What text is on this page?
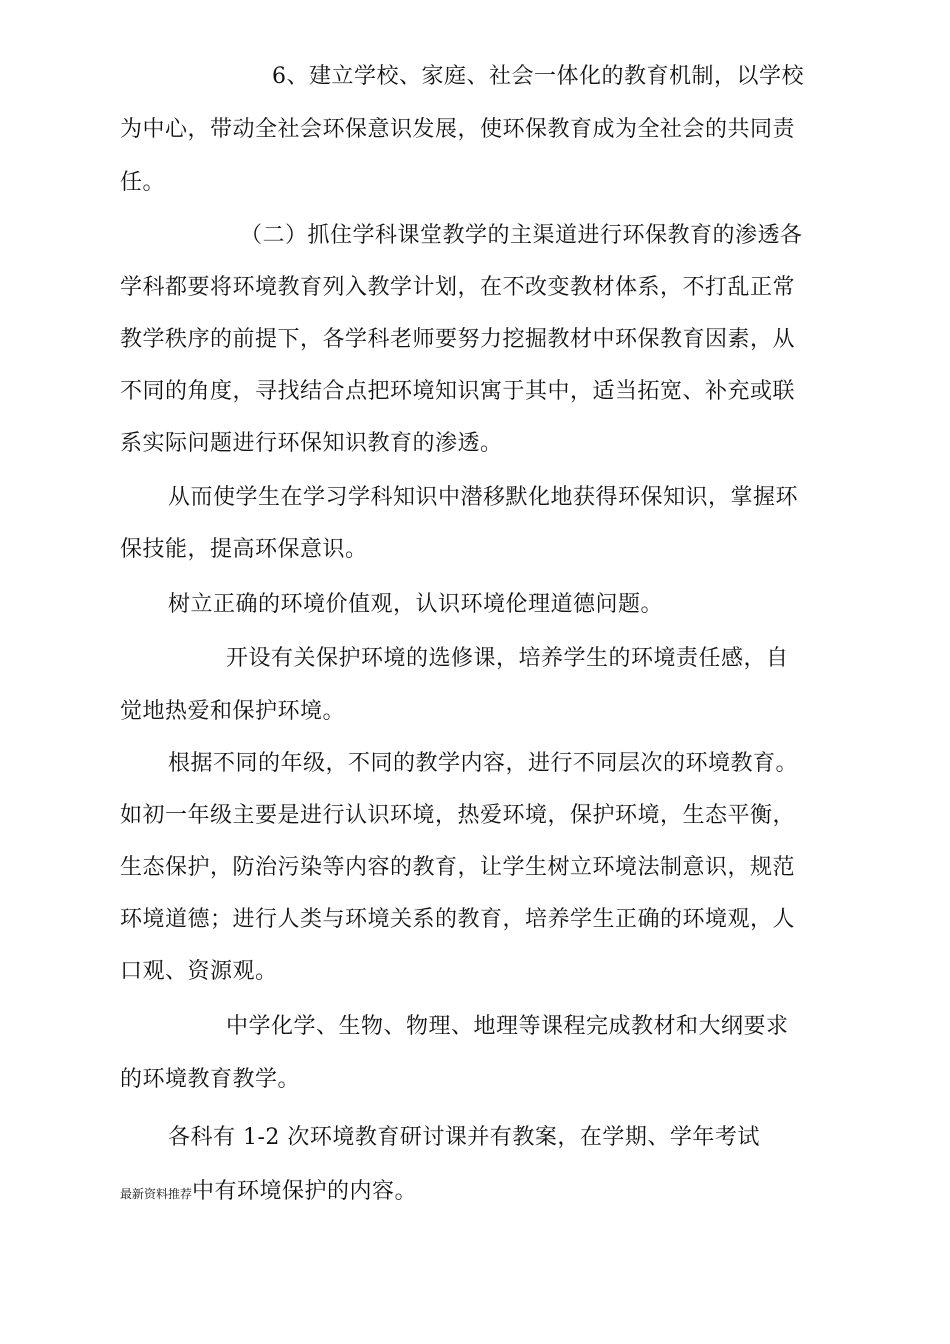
6、建立学校、家庭、社会一体化的教育机制，以学校
为中心，带动全社会环保意识发展，使环保教育成为全社会的共同责
任。
（二）抓住学科课堂教学的主渠道进行环保教育的渗透各
学科都要将环境教育列入教学计划，在不改变教材体系，不打乱正常
教学秩序的前提下，各学科老师要努力挖掘教材中环保教育因素，从
不同的角度，寻找结合点把环境知识寓于其中，适当拓宽、补充或联
系实际问题进行环保知识教育的渗透。
从而使学生在学习学科知识中潜移默化地获得环保知识，掌握环
保技能，提高环保意识。
树立正确的环境价值观，认识环境伦理道德问题。
开设有关保护环境的选修课，培养学生的环境责任感，自
觉地热爱和保护环境。
根据不同的年级，不同的教学内容，进行不同层次的环境教育。
如初一年级主要是进行认识环境，热爱环境，保护环境，生态平衡，
生态保护，防治污染等内容的教育，让学生树立环境法制意识，规范
环境道德；进行人类与环境关系的教育，培养学生正确的环境观，人
口观、资源观。
中学化学、生物、物理、地理等课程完成教材和大纲要求
的环境教育教学。
各科有 1-2 次环境教育研讨课并有教案，在学期、学年考试
最新资料推荐中有环境保护的内容。
